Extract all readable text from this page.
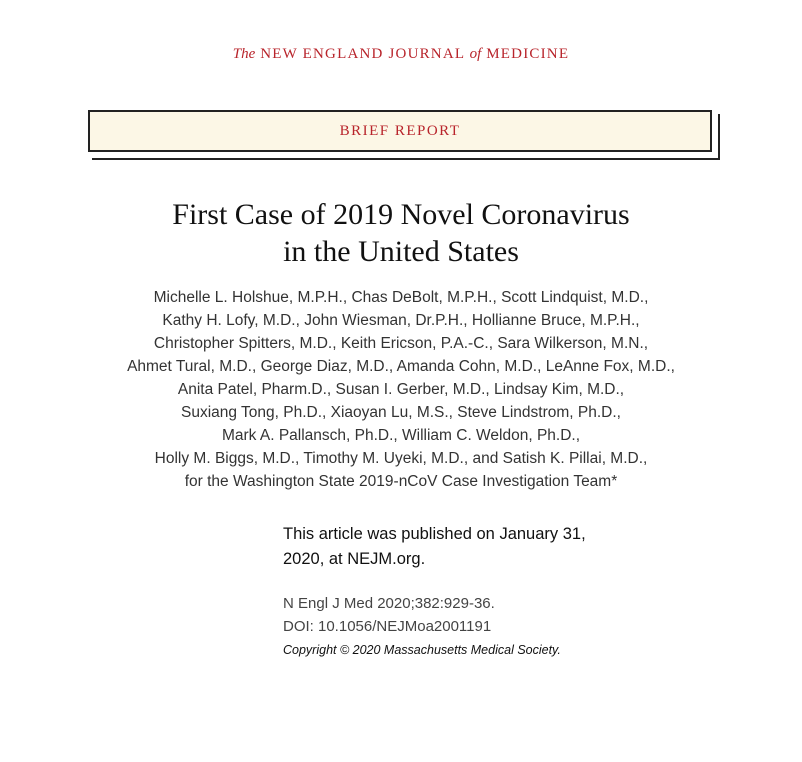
The NEW ENGLAND JOURNAL of MEDICINE
BRIEF REPORT
First Case of 2019 Novel Coronavirus
in the United States
Michelle L. Holshue, M.P.H., Chas DeBolt, M.P.H., Scott Lindquist, M.D.,
Kathy H. Lofy, M.D., John Wiesman, Dr.P.H., Hollianne Bruce, M.P.H.,
Christopher Spitters, M.D., Keith Ericson, P.A.-C., Sara Wilkerson, M.N.,
Ahmet Tural, M.D., George Diaz, M.D., Amanda Cohn, M.D., LeAnne Fox, M.D.,
Anita Patel, Pharm.D., Susan I. Gerber, M.D., Lindsay Kim, M.D.,
Suxiang Tong, Ph.D., Xiaoyan Lu, M.S., Steve Lindstrom, Ph.D.,
Mark A. Pallansch, Ph.D., William C. Weldon, Ph.D.,
Holly M. Biggs, M.D., Timothy M. Uyeki, M.D., and Satish K. Pillai, M.D.,
for the Washington State 2019-nCoV Case Investigation Team*
This article was published on January 31,
2020, at NEJM.org.
N Engl J Med 2020;382:929-36.
DOI: 10.1056/NEJMoa2001191
Copyright © 2020 Massachusetts Medical Society.
